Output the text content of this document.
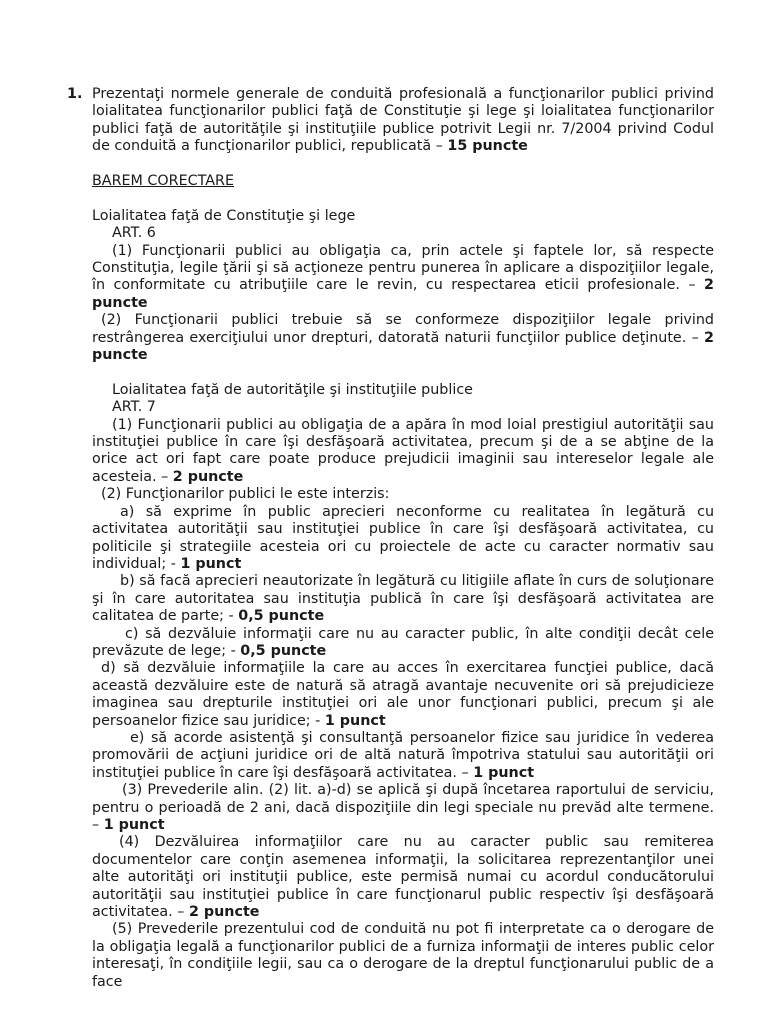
1. Prezentaţi normele generale de conduită profesională a funcţionarilor publici privind loialitatea funcţionarilor publici faţă de Constituţie şi lege şi loialitatea funcţionarilor publici faţă de autorităţile şi instituţiile publice potrivit Legii nr. 7/2004 privind Codul de conduită a funcţionarilor publici, republicată – 15 puncte
BAREM CORECTARE

Loialitatea faţă de Constituţie şi lege

ART. 6

(1) Funcţionarii publici au obligaţia ca, prin actele şi faptele lor, să respecte Constituţia, legile ţării şi să acţioneze pentru punerea în aplicare a dispoziţiilor legale, în conformitate cu atribuţiile care le revin, cu respectarea eticii profesionale. – 2 puncte

(2) Funcţionarii publici trebuie să se conformeze dispoziţiilor legale privind restrângerea exerciţiului unor drepturi, datorată naturii funcţiilor publice deţinute. – 2 puncte

Loialitatea faţă de autorităţile şi instituţiile publice

ART. 7

(1) Funcţionarii publici au obligaţia de a apăra în mod loial prestigiul autorităţii sau instituţiei publice în care îşi desfăşoară activitatea, precum şi de a se abţine de la orice act ori fapt care poate produce prejudicii imaginii sau intereselor legale ale acesteia. – 2 puncte

(2) Funcţionarilor publici le este interzis:

a) să exprime în public aprecieri neconforme cu realitatea în legătură cu activitatea autorităţii sau instituţiei publice în care îşi desfăşoară activitatea, cu politicile şi strategiile acesteia ori cu proiectele de acte cu caracter normativ sau individual; - 1 punct

b) să facă aprecieri neautorizate în legătură cu litigiile aflate în curs de soluţionare şi în care autoritatea sau instituţia publică în care îşi desfăşoară activitatea are calitatea de parte; - 0,5 puncte

c) să dezvăluie informaţii care nu au caracter public, în alte condiţii decât cele prevăzute de lege; - 0,5 puncte

d) să dezvăluie informaţiile la care au acces în exercitarea funcţiei publice, dacă această dezvăluire este de natură să atragă avantaje necuvenite ori să prejudicieze imaginea sau drepturile instituţiei ori ale unor funcţionari publici, precum şi ale persoanelor fizice sau juridice; - 1 punct

e) să acorde asistenţă şi consultanţă persoanelor fizice sau juridice în vederea promovării de acţiuni juridice ori de altă natură împotriva statului sau autorităţii ori instituţiei publice în care îşi desfăşoară activitatea. – 1 punct

(3) Prevederile alin. (2) lit. a)-d) se aplică şi după încetarea raportului de serviciu, pentru o perioadă de 2 ani, dacă dispoziţiile din legi speciale nu prevăd alte termene. – 1 punct

(4) Dezvăluirea informaţiilor care nu au caracter public sau remiterea documentelor care conţin asemenea informaţii, la solicitarea reprezentanţilor unei alte autorităţi ori instituţii publice, este permisă numai cu acordul conducătorului autorităţii sau instituţiei publice în care funcţionarul public respectiv îşi desfăşoară activitatea. – 2 puncte

(5) Prevederile prezentului cod de conduită nu pot fi interpretate ca o derogare de la obligaţia legală a funcţionarilor publici de a furniza informaţii de interes public celor interesaţi, în condiţiile legii, sau ca o derogare de la dreptul funcţionarului public de a face
